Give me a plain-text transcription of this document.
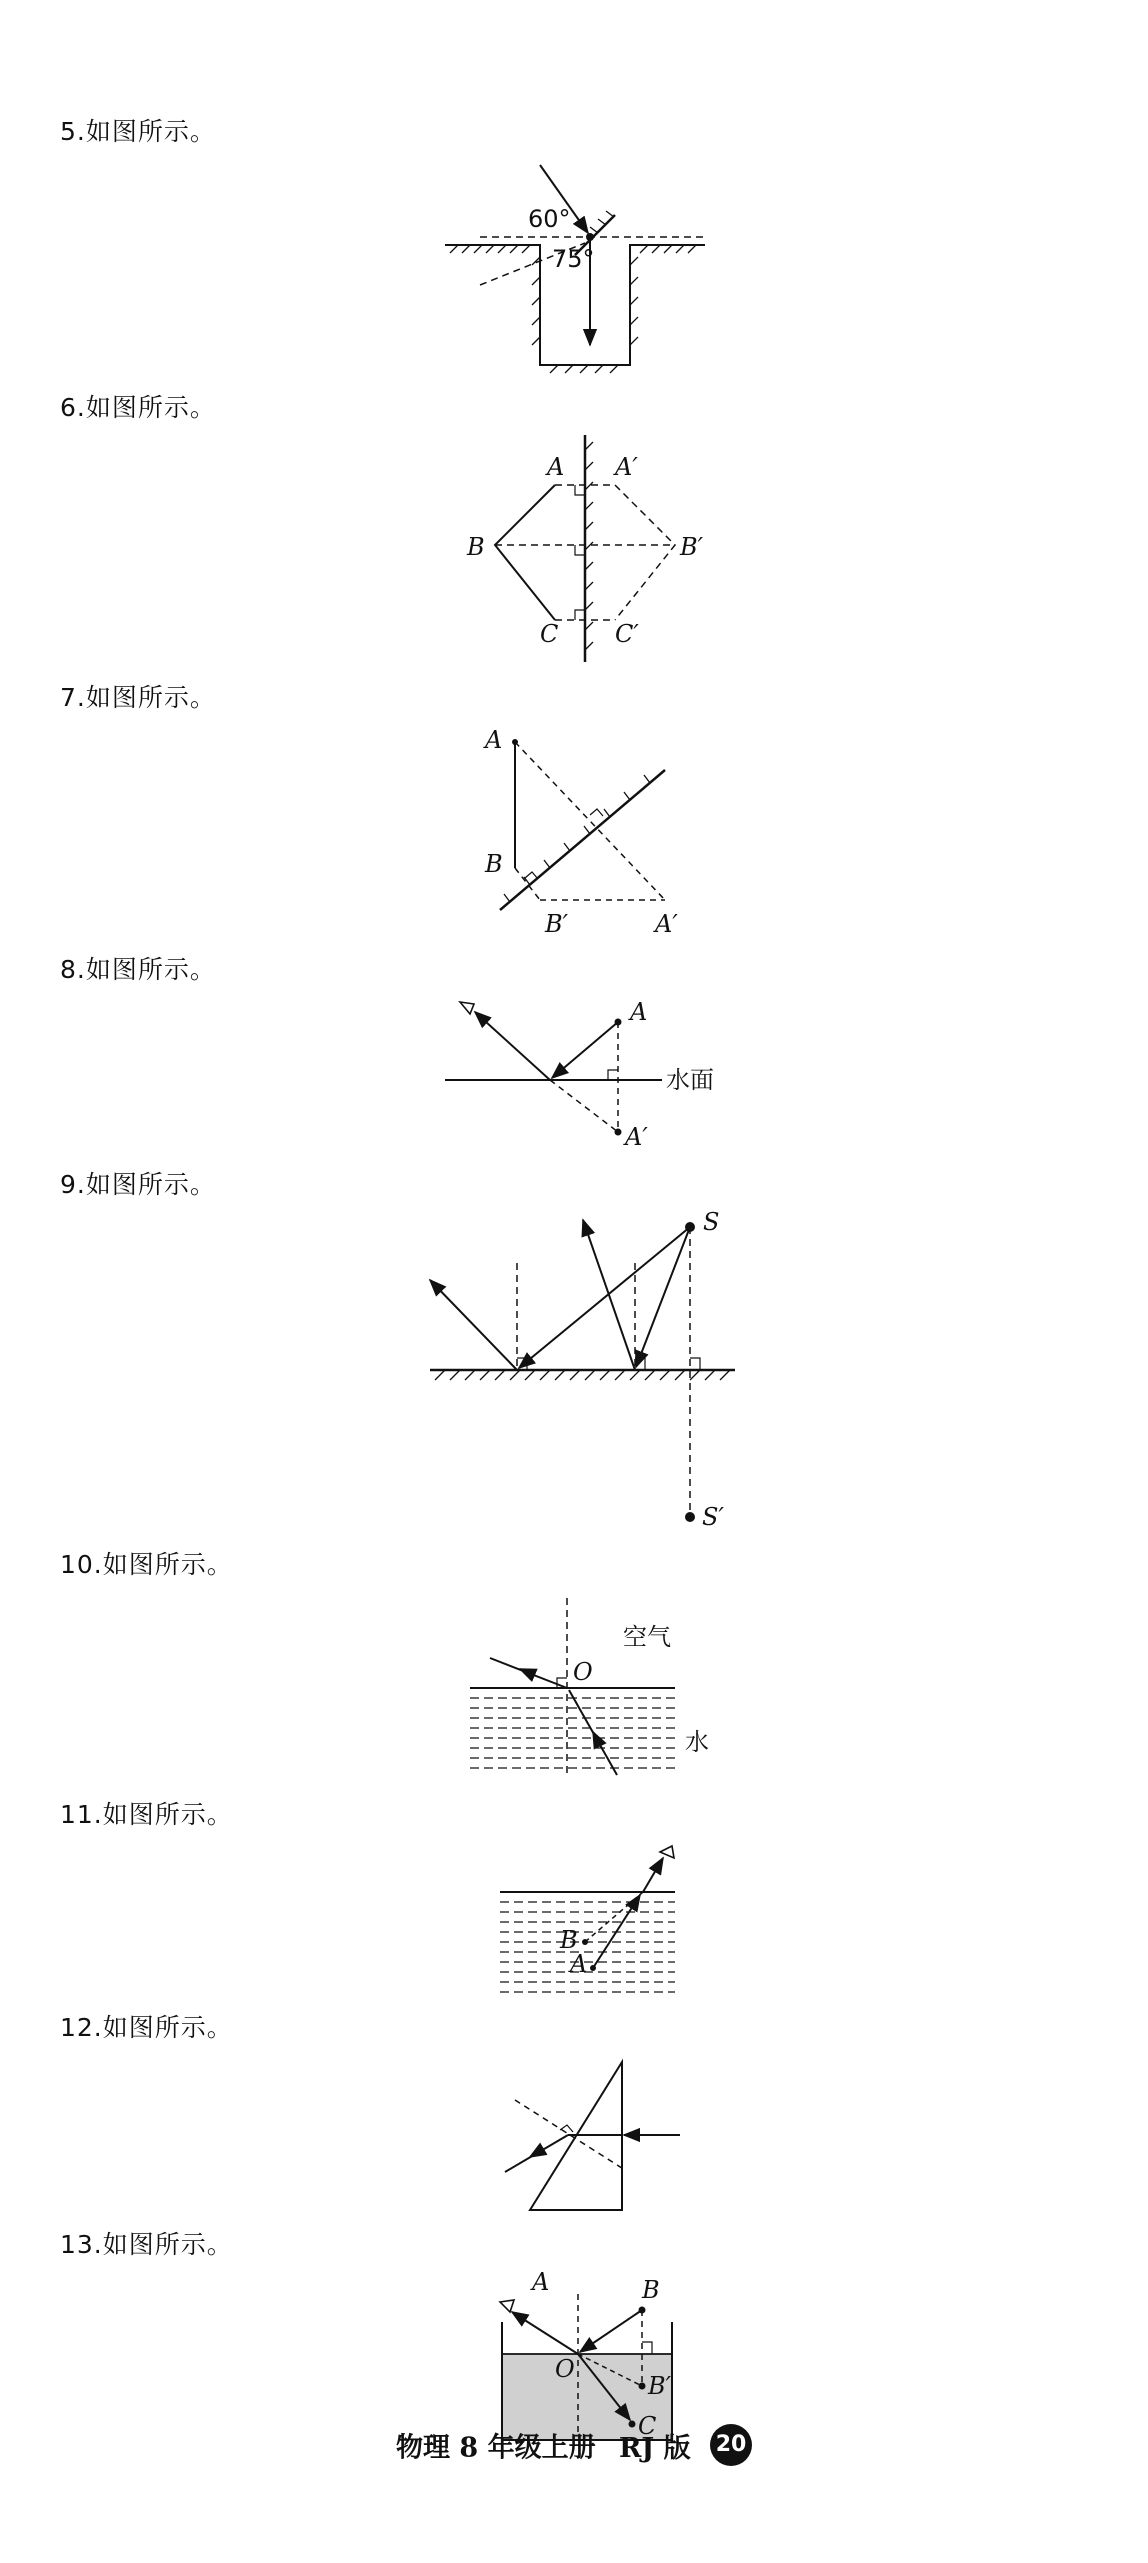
5.如图所示。
60°
75°
6.如图所示。
A A′
B	B′
C C′
7.如图所示。
A
B
B′	A′
8.如图所示。
A
A′
水面
9.如图所示。
S
S′
10.如图所示。
O
空气
水
11.如图所示。
B
A
12.如图所示。
13.如图所示。
A	B
O
B′
C
物理 8 年级上册 RJ 版 20
